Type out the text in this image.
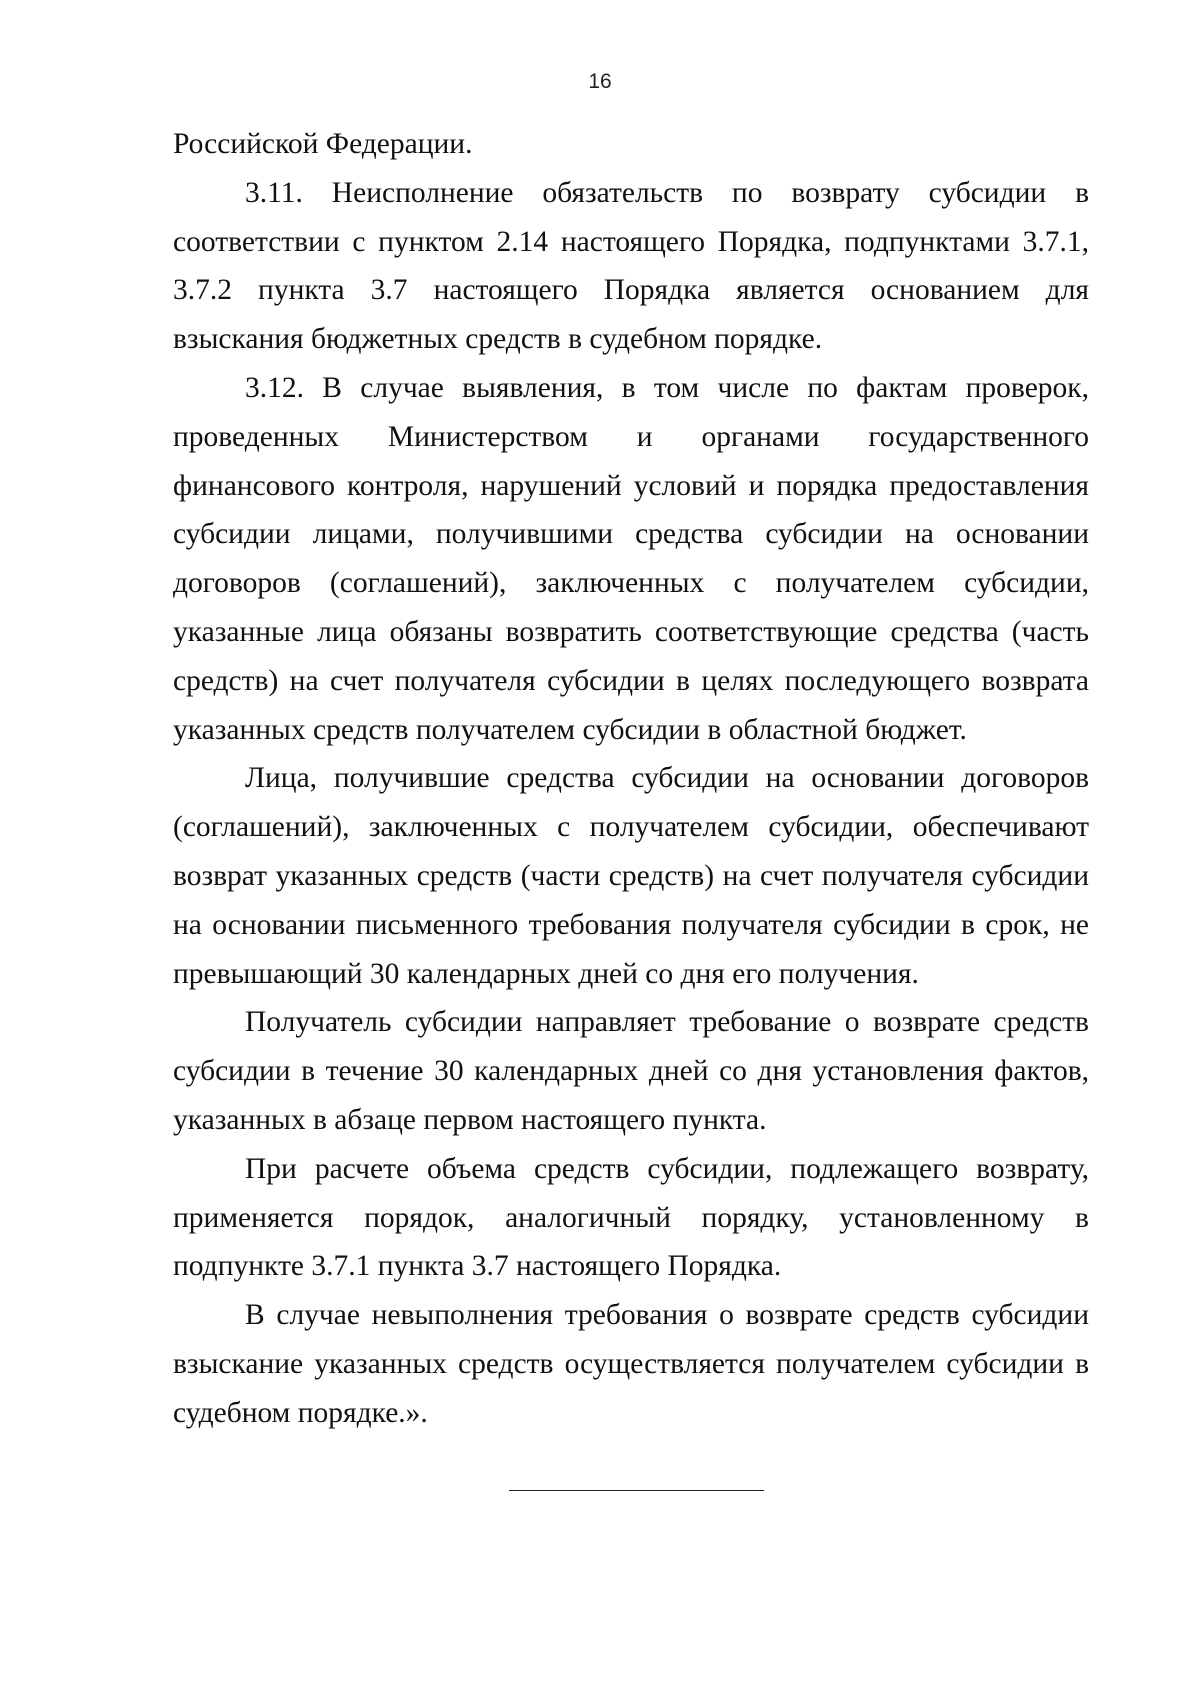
16

Российской Федерации.

3.11. Неисполнение обязательств по возврату субсидии в соответствии с пунктом 2.14 настоящего Порядка, подпунктами 3.7.1, 3.7.2 пункта 3.7 настоящего Порядка является основанием для взыскания бюджетных средств в судебном порядке.

3.12. В случае выявления, в том числе по фактам проверок, проведенных Министерством и органами государственного финансового контроля, нарушений условий и порядка предоставления субсидии лицами, получившими средства субсидии на основании договоров (соглашений), заключенных с получателем субсидии, указанные лица обязаны возвратить соответствующие средства (часть средств) на счет получателя субсидии в целях последующего возврата указанных средств получателем субсидии в областной бюджет.

Лица, получившие средства субсидии на основании договоров (соглашений), заключенных с получателем субсидии, обеспечивают возврат указанных средств (части средств) на счет получателя субсидии на основании письменного требования получателя субсидии в срок, не превышающий 30 календарных дней со дня его получения.

Получатель субсидии направляет требование о возврате средств субсидии в течение 30 календарных дней со дня установления фактов, указанных в абзаце первом настоящего пункта.

При расчете объема средств субсидии, подлежащего возврату, применяется порядок, аналогичный порядку, установленному в подпункте 3.7.1 пункта 3.7 настоящего Порядка.

В случае невыполнения требования о возврате средств субсидии взыскание указанных средств осуществляется получателем субсидии в судебном порядке.».
